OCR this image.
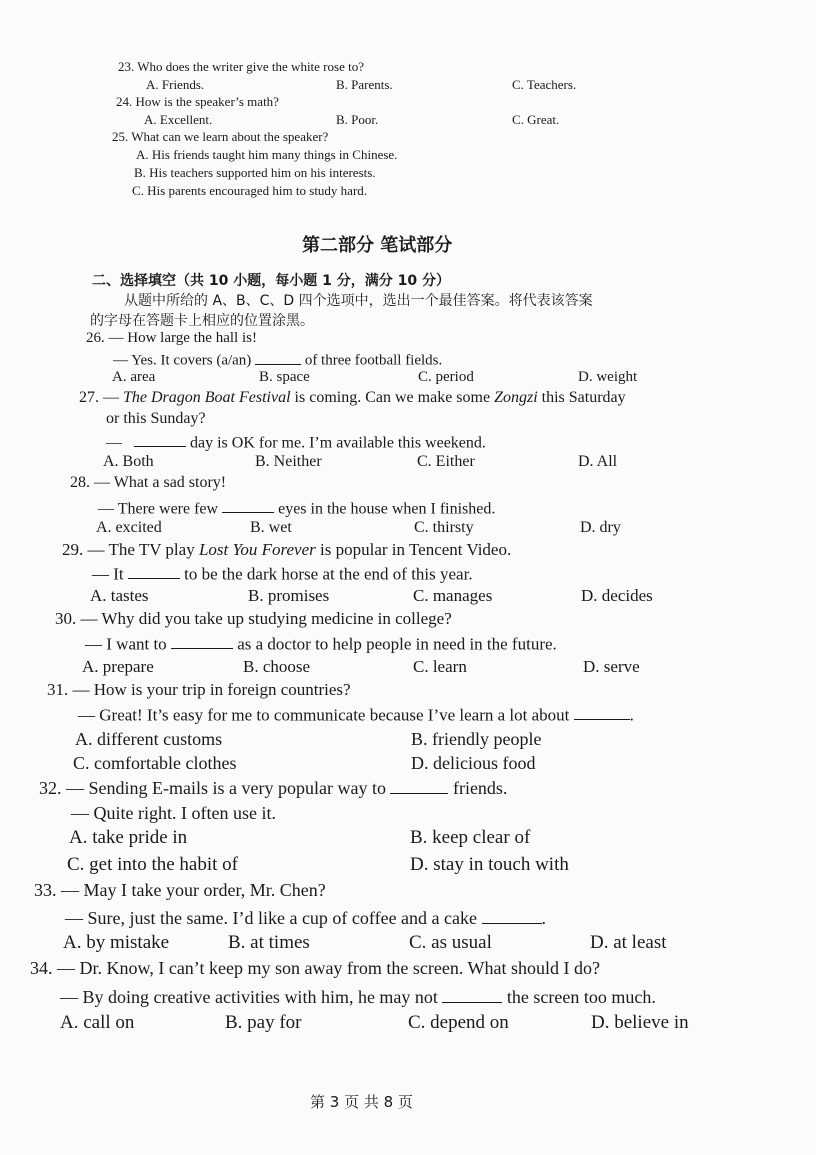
23. Who does the writer give the white rose to?
A. Friends.	B. Parents.	C. Teachers.
24. How is the speaker’s math?
A. Excellent.	B. Poor.	C. Great.
25. What can we learn about the speaker?
A. His friends taught him many things in Chinese.
B. His teachers supported him on his interests.
C. His parents encouraged him to study hard.
第二部分 笔试部分
二、选择填空（共 10 小题，每小题 1 分，满分 10 分）
从题中所给的 A、B、C、D 四个选项中，选出一个最佳答案。将代表该答案
的字母在答题卡上相应的位置涂黑。
26. — How large the hall is!
— Yes. It covers (a/an)	of three football fields.
A. area	B. space	C. period	D. weight
27. — The Dragon Boat Festival is coming. Can we make some Zongzi this Saturday
or this Sunday?
—	day is OK for me. I’m available this weekend.
A. Both	B. Neither	C. Either	D. All
28. — What a sad story!
— There were few	eyes in the house when I finished.
A. excited	B. wet	C. thirsty	D. dry
29. — The TV play Lost You Forever is popular in Tencent Video.
— It	to be the dark horse at the end of this year.
A. tastes	B. promises	C. manages	D. decides
30. — Why did you take up studying medicine in college?
— I want to	as a doctor to help people in need in the future.
A. prepare	B. choose	C. learn	D. serve
31. — How is your trip in foreign countries?
— Great! It’s easy for me to communicate because I’ve learn a lot about	.
A. different customs	B. friendly people
C. comfortable clothes	D. delicious food
32. — Sending E-mails is a very popular way to	friends.
— Quite right. I often use it.
A. take pride in	B. keep clear of
C. get into the habit of	D. stay in touch with
33. — May I take your order, Mr. Chen?
— Sure, just the same. I’d like a cup of coffee and a cake	.
A. by mistake	B. at times	C. as usual	D. at least
34. — Dr. Know, I can’t keep my son away from the screen. What should I do?
— By doing creative activities with him, he may not	the screen too much.
A. call on	B. pay for	C. depend on	D. believe in
第 3 页 共 8 页
